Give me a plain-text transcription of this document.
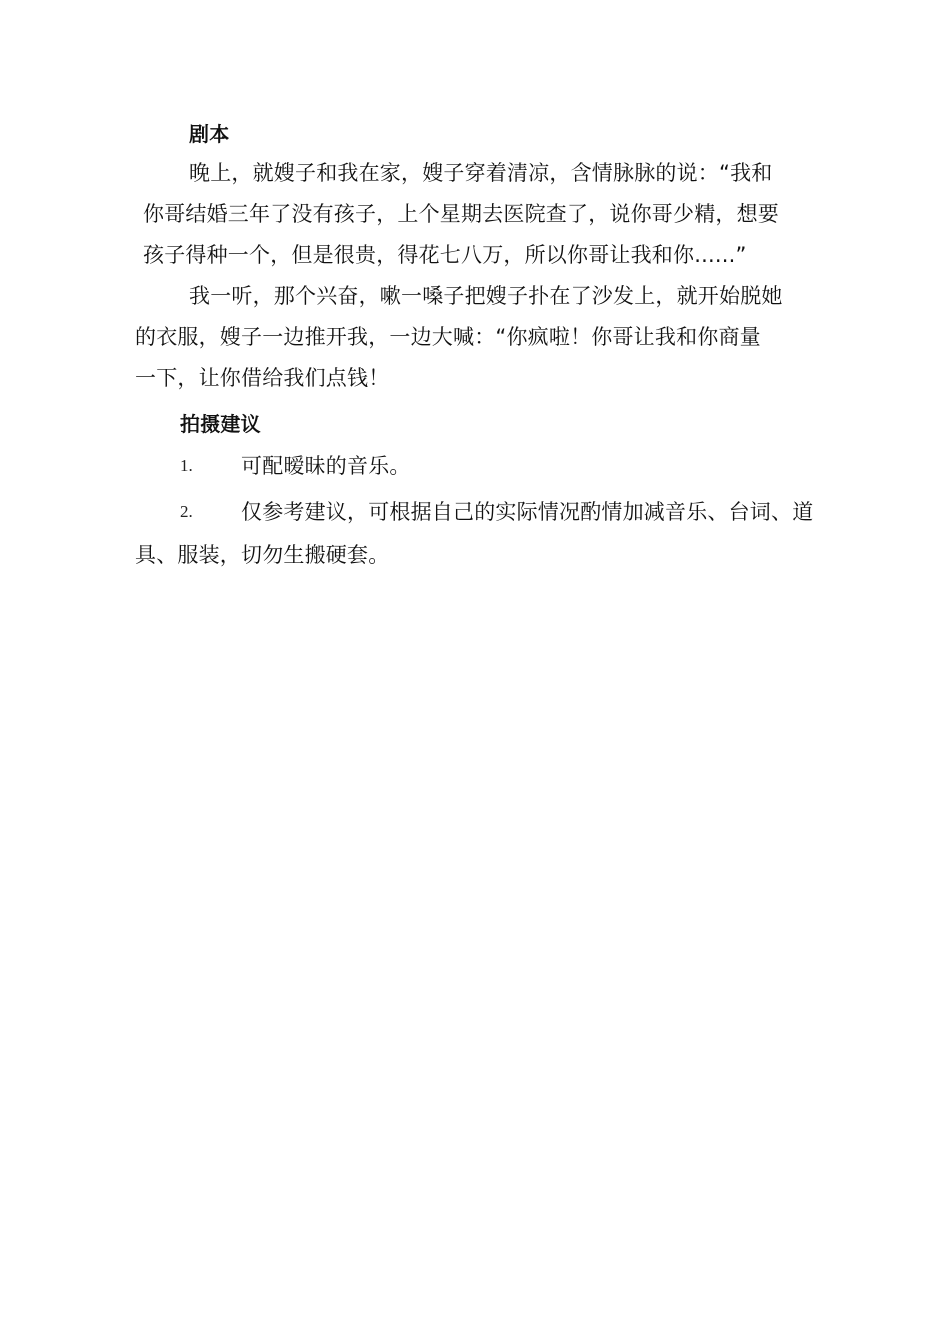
剧本
晚上，就嫂子和我在家，嫂子穿着清凉，含情脉脉的说：“我和
你哥结婚三年了没有孩子，上个星期去医院查了，说你哥少精，想要
孩子得种一个，但是很贵，得花七八万，所以你哥让我和你......”
我一听，那个兴奋，嗽一嗓子把嫂子扑在了沙发上，就开始脱她
的衣服，嫂子一边推开我，一边大喊：“你疯啦！你哥让我和你商量
一下，让你借给我们点钱！
拍摄建议
1. 可配暧昧的音乐。
2. 仅参考建议，可根据自己的实际情况酌情加减音乐、台词、道
具、服装，切勿生搬硬套。
